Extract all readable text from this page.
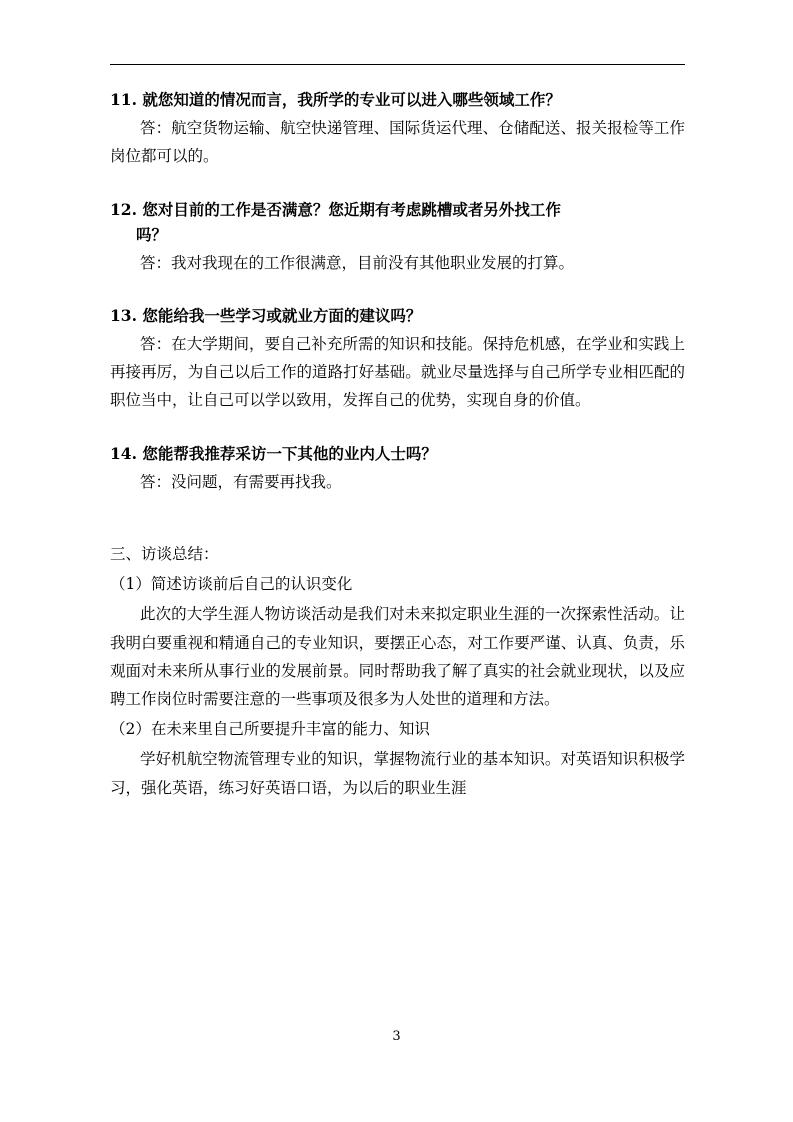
11. 就您知道的情况而言，我所学的专业可以进入哪些领域工作？

答：航空货物运输、航空快递管理、国际货运代理、仓储配送、报关报检等工作岗位都可以的。

12. 您对目前的工作是否满意？您近期有考虑跳槽或者另外找工作
吗？

答：我对我现在的工作很满意，目前没有其他职业发展的打算。

13. 您能给我一些学习或就业方面的建议吗？

答：在大学期间，要自己补充所需的知识和技能。保持危机感，在学业和实践上再接再厉，为自己以后工作的道路打好基础。就业尽量选择与自己所学专业相匹配的职位当中，让自己可以学以致用，发挥自己的优势，实现自身的价值。

14. 您能帮我推荐采访一下其他的业内人士吗？

答：没问题，有需要再找我。

三、访谈总结：

（1）简述访谈前后自己的认识变化

此次的大学生涯人物访谈活动是我们对未来拟定职业生涯的一次探索性活动。让我明白要重视和精通自己的专业知识，要摆正心态，对工作要严谨、认真、负责，乐观面对未来所从事行业的发展前景。同时帮助我了解了真实的社会就业现状，以及应聘工作岗位时需要注意的一些事项及很多为人处世的道理和方法。

（2）在未来里自己所要提升丰富的能力、知识

学好机航空物流管理专业的知识，掌握物流行业的基本知识。对英语知识积极学习，强化英语，练习好英语口语，为以后的职业生涯

3
